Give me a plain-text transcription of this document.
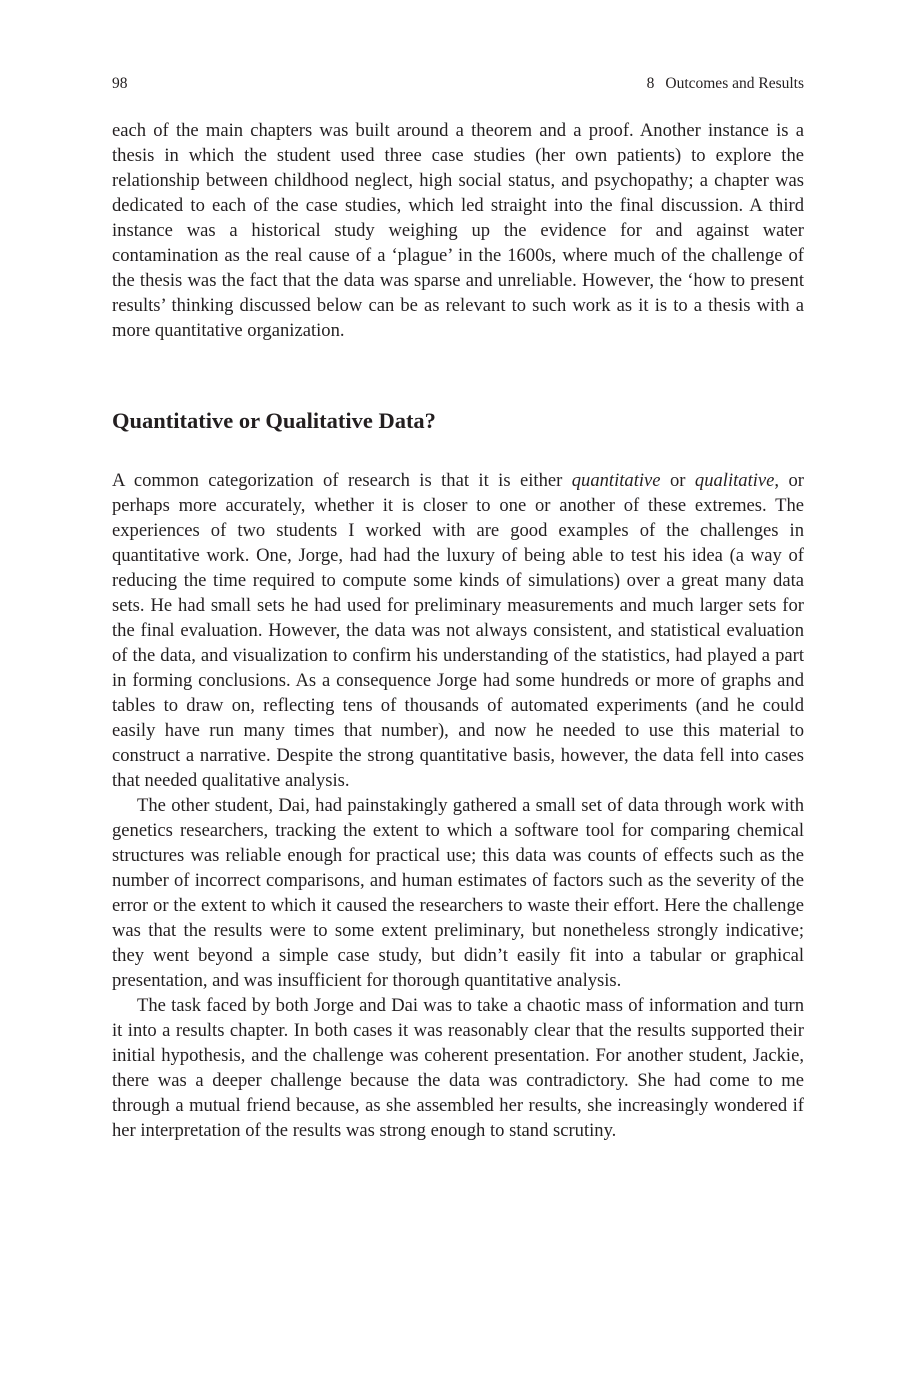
98	8 Outcomes and Results

each of the main chapters was built around a theorem and a proof. Another instance is a thesis in which the student used three case studies (her own patients) to explore the relationship between childhood neglect, high social status, and psychopathy; a chapter was dedicated to each of the case studies, which led straight into the final discussion. A third instance was a historical study weighing up the evidence for and against water contamination as the real cause of a ‘plague’ in the 1600s, where much of the challenge of the thesis was the fact that the data was sparse and unreliable. However, the ‘how to present results’ thinking discussed below can be as relevant to such work as it is to a thesis with a more quantitative organization.

Quantitative or Qualitative Data?

A common categorization of research is that it is either quantitative or qualitative, or perhaps more accurately, whether it is closer to one or another of these extremes. The experiences of two students I worked with are good examples of the challenges in quantitative work. One, Jorge, had had the luxury of being able to test his idea (a way of reducing the time required to compute some kinds of simulations) over a great many data sets. He had small sets he had used for preliminary measurements and much larger sets for the final evaluation. However, the data was not always consistent, and statistical evaluation of the data, and visualization to confirm his understanding of the statistics, had played a part in forming conclusions. As a consequence Jorge had some hundreds or more of graphs and tables to draw on, reflecting tens of thousands of automated experiments (and he could easily have run many times that number), and now he needed to use this material to construct a narrative. Despite the strong quantitative basis, however, the data fell into cases that needed qualitative analysis.

The other student, Dai, had painstakingly gathered a small set of data through work with genetics researchers, tracking the extent to which a software tool for comparing chemical structures was reliable enough for practical use; this data was counts of effects such as the number of incorrect comparisons, and human estimates of factors such as the severity of the error or the extent to which it caused the researchers to waste their effort. Here the challenge was that the results were to some extent preliminary, but nonetheless strongly indicative; they went beyond a simple case study, but didn’t easily fit into a tabular or graphical presentation, and was insufficient for thorough quantitative analysis.

The task faced by both Jorge and Dai was to take a chaotic mass of information and turn it into a results chapter. In both cases it was reasonably clear that the results supported their initial hypothesis, and the challenge was coherent presentation. For another student, Jackie, there was a deeper challenge because the data was contradictory. She had come to me through a mutual friend because, as she assembled her results, she increasingly wondered if her interpretation of the results was strong enough to stand scrutiny.
